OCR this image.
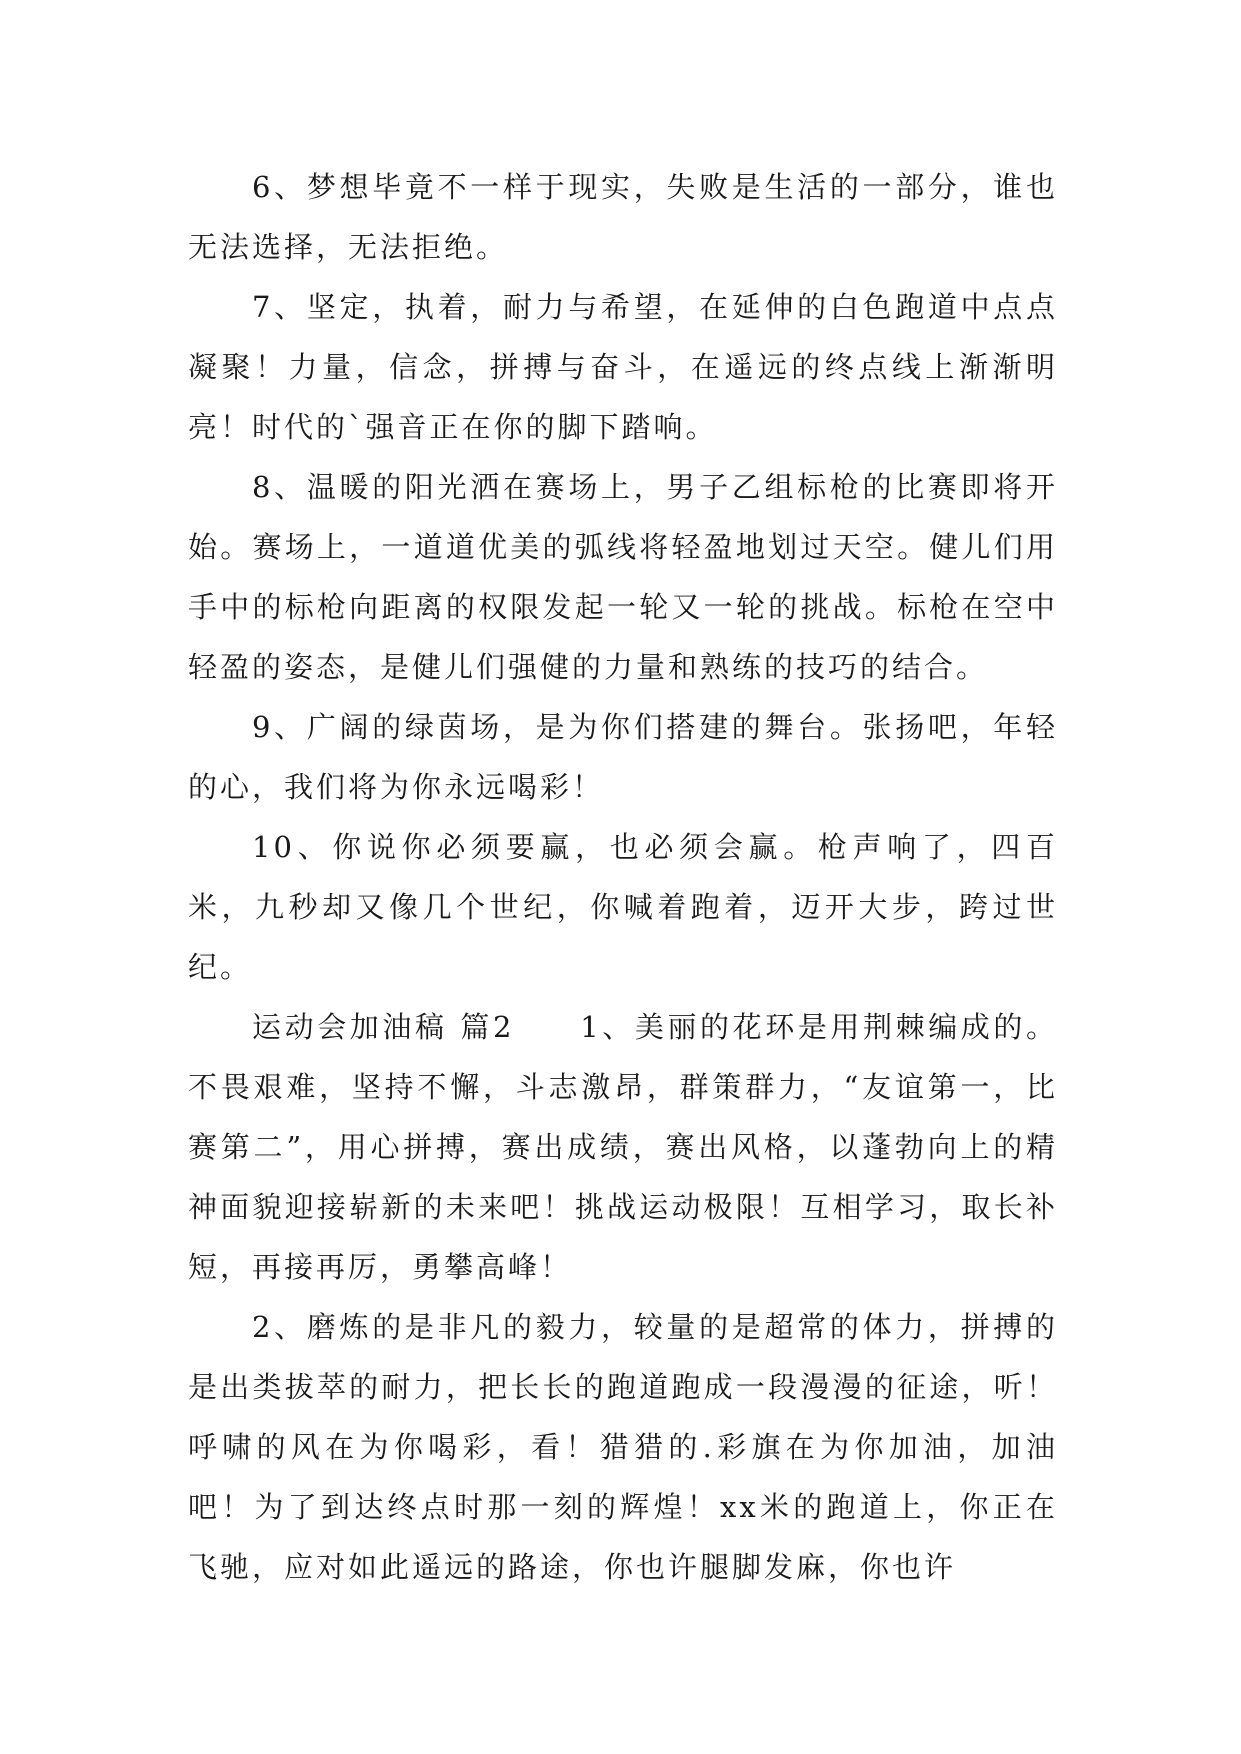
6、梦想毕竟不一样于现实，失败是生活的一部分，谁也无法选择，无法拒绝。

7、坚定，执着，耐力与希望，在延伸的白色跑道中点点凝聚！力量，信念，拼搏与奋斗，在遥远的终点线上渐渐明亮！时代的`强音正在你的脚下踏响。

8、温暖的阳光洒在赛场上，男子乙组标枪的比赛即将开始。赛场上，一道道优美的弧线将轻盈地划过天空。健儿们用手中的标枪向距离的权限发起一轮又一轮的挑战。标枪在空中轻盈的姿态，是健儿们强健的力量和熟练的技巧的结合。

9、广阔的绿茵场，是为你们搭建的舞台。张扬吧，年轻的心，我们将为你永远喝彩！

10、你说你必须要赢，也必须会赢。枪声响了，四百米，九秒却又像几个世纪，你喊着跑着，迈开大步，跨过世纪。

运动会加油稿 篇2　　1、美丽的花环是用荆棘编成的。不畏艰难，坚持不懈，斗志激昂，群策群力，“友谊第一，比赛第二”，用心拼搏，赛出成绩，赛出风格，以蓬勃向上的精神面貌迎接崭新的未来吧！挑战运动极限！互相学习，取长补短，再接再厉，勇攀高峰！

2、磨炼的是非凡的毅力，较量的是超常的体力，拼搏的是出类拔萃的耐力，把长长的跑道跑成一段漫漫的征途，听！呼啸的风在为你喝彩，看！猎猎的.彩旗在为你加油，加油吧！为了到达终点时那一刻的辉煌！xx米的跑道上，你正在飞驰，应对如此遥远的路途，你也许腿脚发麻，你也许
